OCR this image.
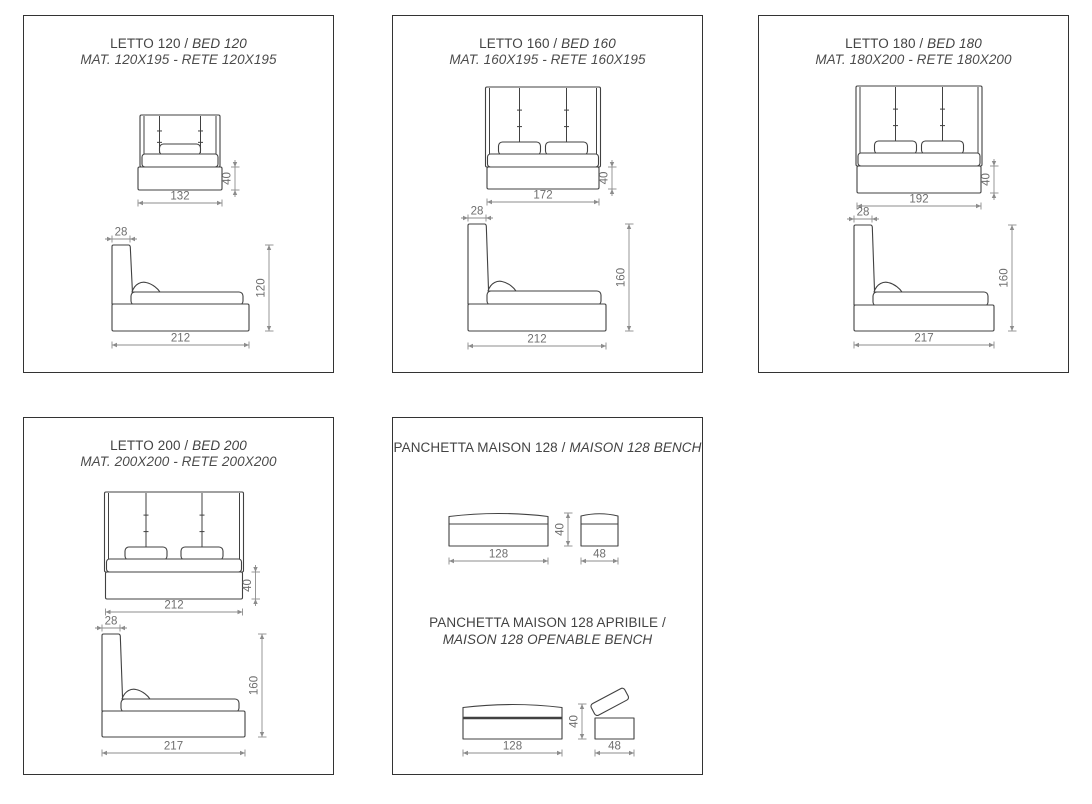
LETTO 120 / BED 120
MAT. 120X195 - RETE 120X195
40
132
28
120
212
LETTO 160 / BED 160
MAT. 160X195 - RETE 160X195
40
172
28
160
212
LETTO 180 / BED 180
MAT. 180X200 - RETE 180X200
40
192
28
160
217
LETTO 200 / BED 200
MAT. 200X200 - RETE 200X200
40
212
28
160
217
PANCHETTA MAISON 128 / MAISON 128 BENCH
PANCHETTA MAISON 128 APRIBILE /
MAISON 128 OPENABLE BENCH
40
128	48
40
128	48
